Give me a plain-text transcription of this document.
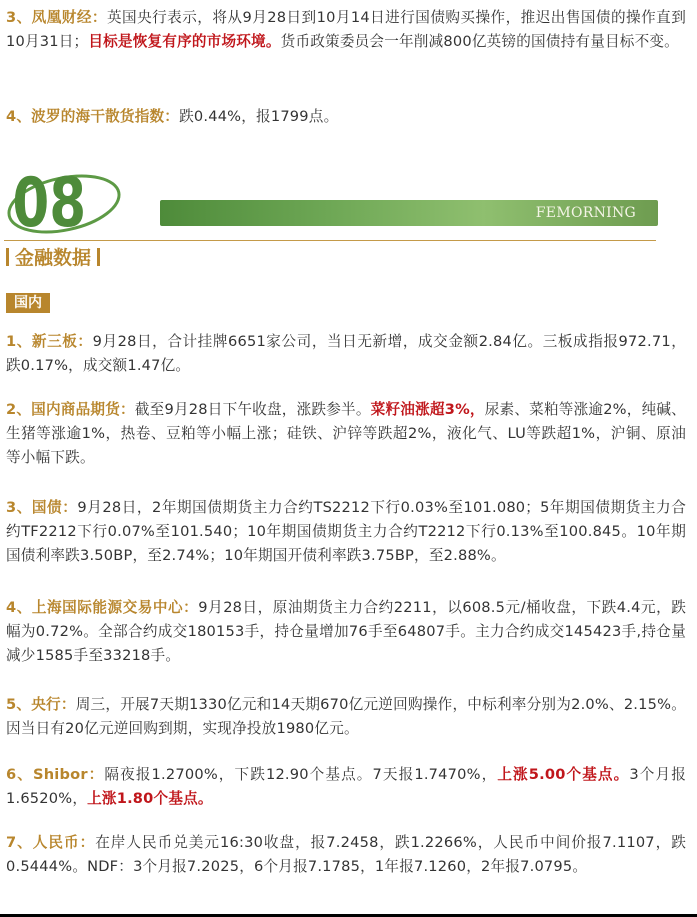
3、凤凰财经：英国央行表示，将从9月28日到10月14日进行国债购买操作，推迟出售国债的操作直到10月31日；目标是恢复有序的市场环境。货币政策委员会一年削减800亿英镑的国债持有量目标不变。

4、波罗的海干散货指数：跌0.44%，报1799点。

08	FEMORNING
金融数据
国内

1、新三板：9月28日，合计挂牌6651家公司，当日无新增，成交金额2.84亿。三板成指报972.71，跌0.17%，成交额1.47亿。

2、国内商品期货：截至9月28日下午收盘，涨跌参半。菜籽油涨超3%，尿素、菜粕等涨逾2%，纯碱、生猪等涨逾1%，热卷、豆粕等小幅上涨；硅铁、沪锌等跌超2%，液化气、LU等跌超1%，沪铜、原油等小幅下跌。

3、国债：9月28日，2年期国债期货主力合约TS2212下行0.03%至101.080；5年期国债期货主力合约TF2212下行0.07%至101.540；10年期国债期货主力合约T2212下行0.13%至100.845。10年期国债利率跌3.50BP，至2.74%；10年期国开债利率跌3.75BP，至2.88%。

4、上海国际能源交易中心：9月28日，原油期货主力合约2211，以608.5元/桶收盘，下跌4.4元，跌幅为0.72%。全部合约成交180153手，持仓量增加76手至64807手。主力合约成交145423手,持仓量减少1585手至33218手。

5、央行：周三，开展7天期1330亿元和14天期670亿元逆回购操作，中标利率分别为2.0%、2.15%。因当日有20亿元逆回购到期，实现净投放1980亿元。

6、Shibor：隔夜报1.2700%，下跌12.90个基点。7天报1.7470%，上涨5.00个基点。3个月报1.6520%，上涨1.80个基点。

7、人民币：在岸人民币兑美元16:30收盘，报7.2458，跌1.2266%，人民币中间价报7.1107，跌0.5444%。NDF：3个月报7.2025，6个月报7.1785，1年报7.1260，2年报7.0795。
